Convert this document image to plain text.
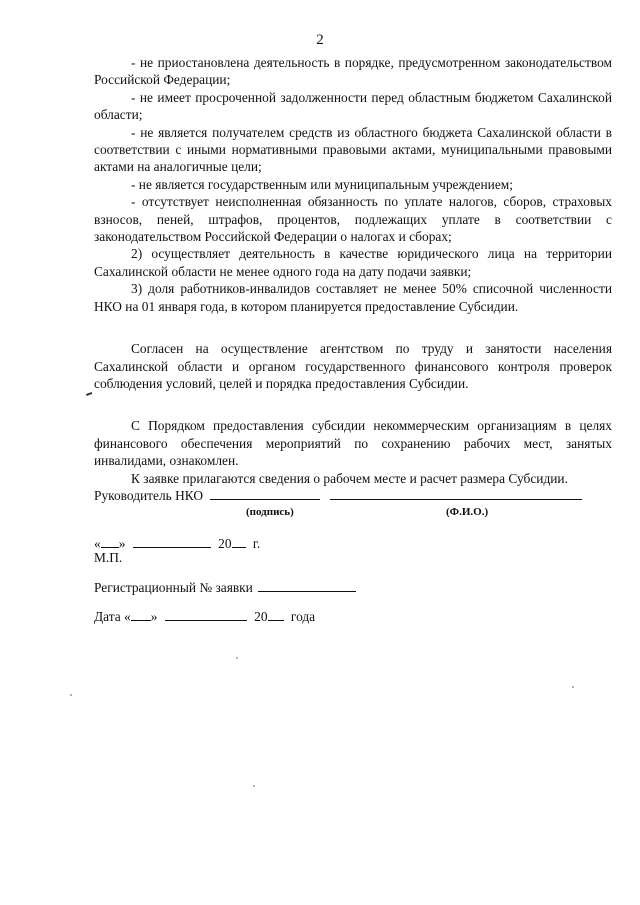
2

- не приостановлена деятельность в порядке, предусмотренном законодательством Российской Федерации;

- не имеет просроченной задолженности перед областным бюджетом Сахалинской области;

- не является получателем средств из областного бюджета Сахалинской области в соответствии с иными нормативными правовыми актами, муниципальными правовыми актами на аналогичные цели;

- не является государственным или муниципальным учреждением;

- отсутствует неисполненная обязанность по уплате налогов, сборов, страховых взносов, пеней, штрафов, процентов, подлежащих уплате в соответствии с законодательством Российской Федерации о налогах и сборах;

2) осуществляет деятельность в качестве юридического лица на территории Сахалинской области не менее одного года на дату подачи заявки;

3) доля работников-инвалидов составляет не менее 50% списочной численности НКО на 01 января года, в котором планируется предоставление Субсидии.

Согласен на осуществление агентством по труду и занятости населения Сахалинской области и органом государственного финансового контроля проверок соблюдения условий, целей и порядка предоставления Субсидии.

С Порядком предоставления субсидии некоммерческим организациям в целях финансового обеспечения мероприятий по сохранению рабочих мест, занятых инвалидами, ознакомлен.

К заявке прилагаются сведения о рабочем месте и расчет размера Субсидии.

Руководитель НКО
(подпись)	(Ф.И.О.)
« »	20 г.
М.П.
Регистрационный № заявки
Дата « »	20 года
